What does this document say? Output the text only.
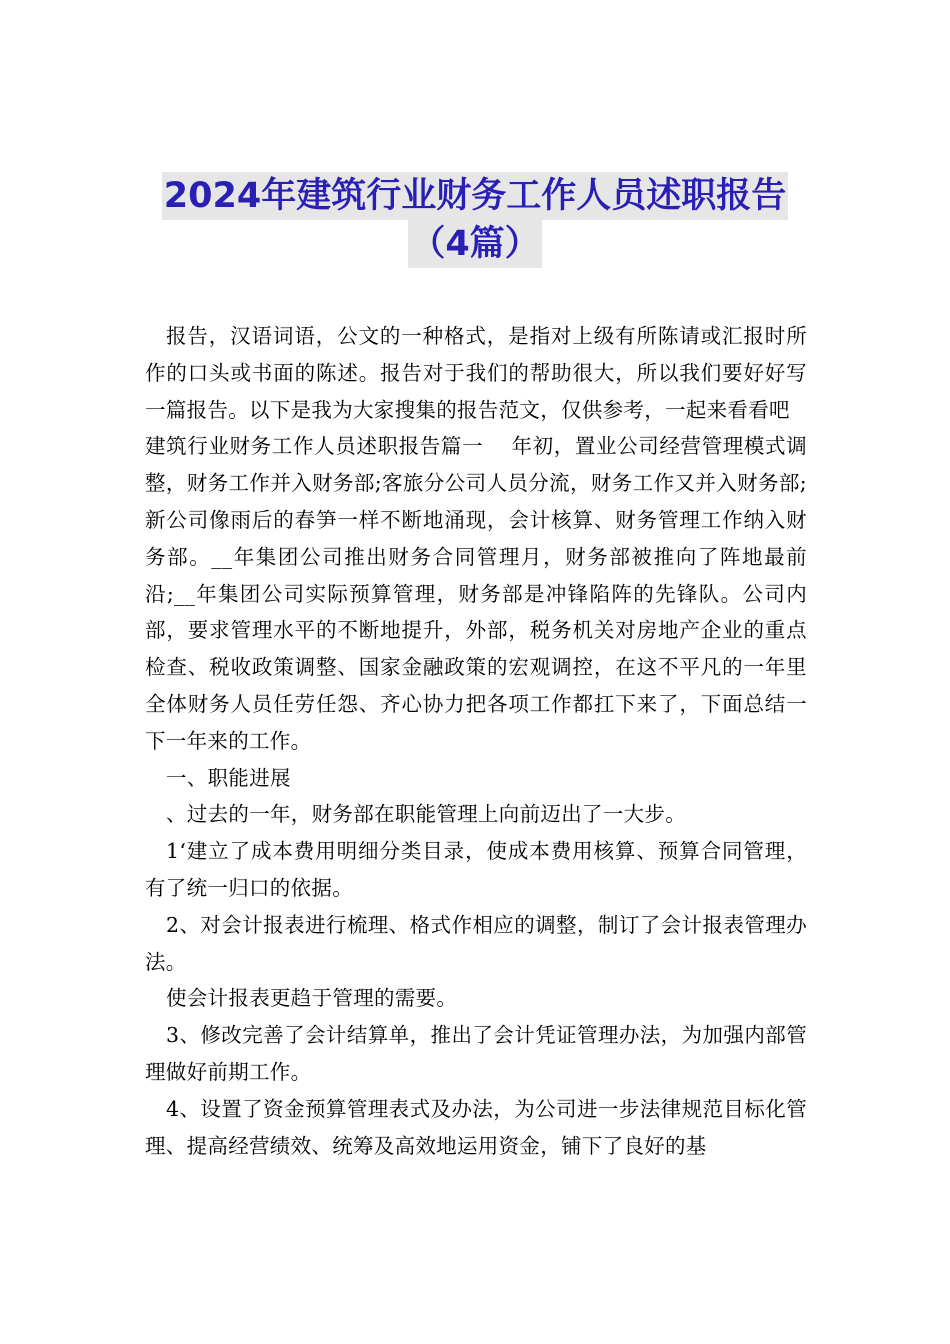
2024年建筑行业财务工作人员述职报告
（4篇）

报告，汉语词语，公文的一种格式，是指对上级有所陈请或汇报时所作的口头或书面的陈述。报告对于我们的帮助很大，所以我们要好好写一篇报告。以下是我为大家搜集的报告范文，仅供参考，一起来看看吧

建筑行业财务工作人员述职报告篇一　 年初，置业公司经营管理模式调整，财务工作并入财务部;客旅分公司人员分流，财务工作又并入财务部;新公司像雨后的春笋一样不断地涌现，会计核算、财务管理工作纳入财务部。__年集团公司推出财务合同管理月，财务部被推向了阵地最前沿;__年集团公司实际预算管理，财务部是冲锋陷阵的先锋队。公司内部，要求管理水平的不断地提升，外部，税务机关对房地产企业的重点检查、税收政策调整、国家金融政策的宏观调控，在这不平凡的一年里全体财务人员任劳任怨、齐心协力把各项工作都扛下来了，下面总结一下一年来的工作。

一、职能进展

、过去的一年，财务部在职能管理上向前迈出了一大步。

1‘建立了成本费用明细分类目录，使成本费用核算、预算合同管理，有了统一归口的依据。

2、对会计报表进行梳理、格式作相应的调整，制订了会计报表管理办法。

使会计报表更趋于管理的需要。

3、修改完善了会计结算单，推出了会计凭证管理办法，为加强内部管理做好前期工作。

4、设置了资金预算管理表式及办法，为公司进一步法律规范目标化管理、提高经营绩效、统筹及高效地运用资金，铺下了良好的基
